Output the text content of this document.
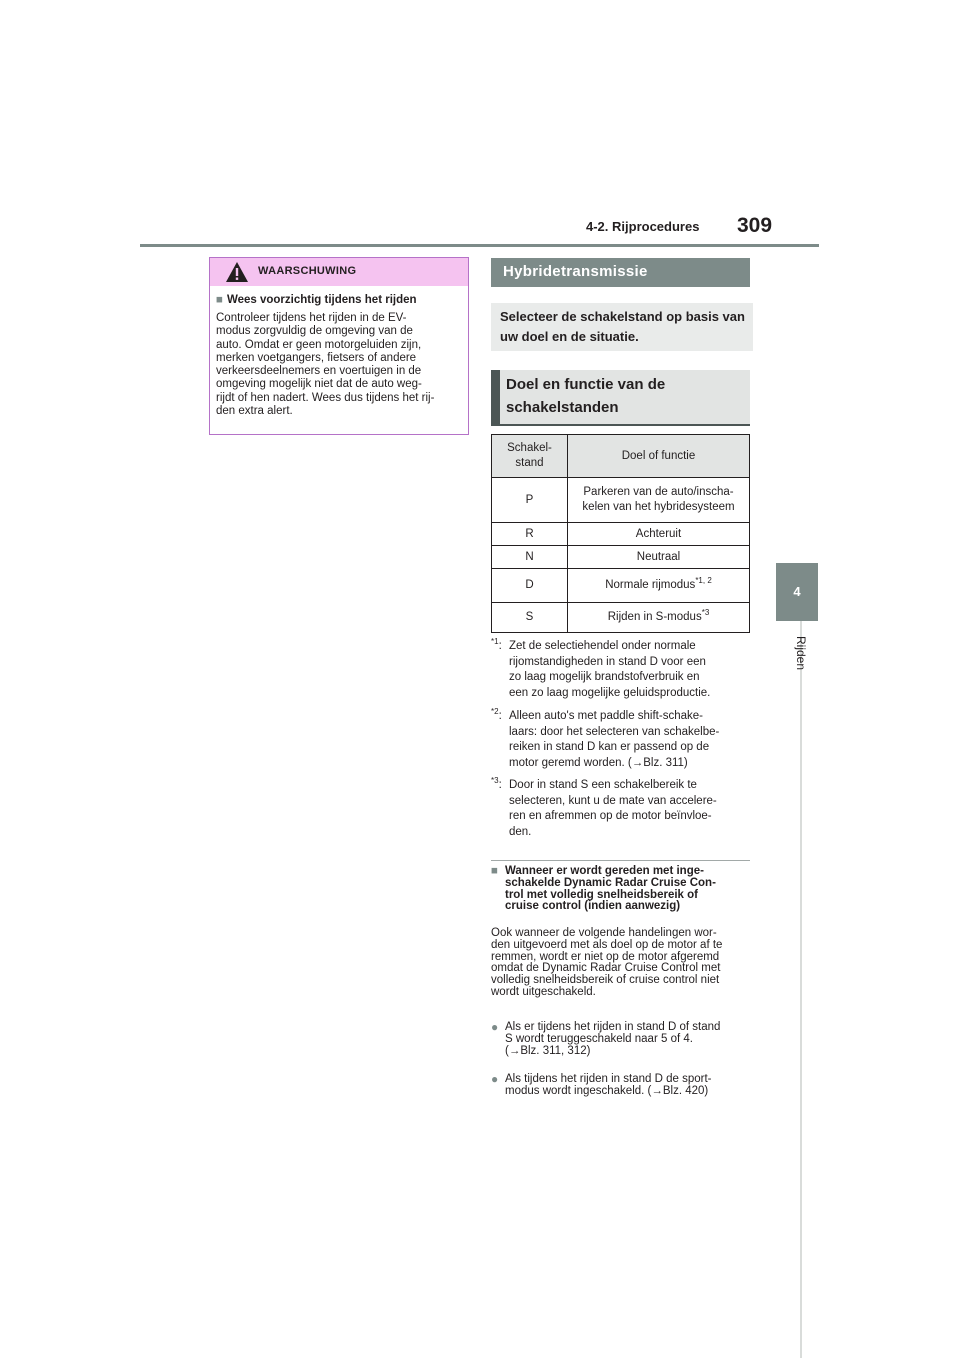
4-2. Rijprocedures 309
4
Rijden
WAARSCHUWING
■ Wees voorzichtig tijdens het rijden
Controleer tijdens het rijden in de EV-
modus zorgvuldig de omgeving van de
auto. Omdat er geen motorgeluiden zijn,
merken voetgangers, fietsers of andere
verkeersdeelnemers en voertuigen in de
omgeving mogelijk niet dat de auto weg-
rijdt of hen nadert. Wees dus tijdens het rij-
den extra alert.
Hybridetransmissie
Selecteer de schakelstand op basis van uw doel en de situatie.
Doel en functie van de
schakelstanden
Schakel-
stand	Doel of functie
P	Parkeren van de auto/inscha-
kelen van het hybridesysteem

R	Achteruit
N	Neutraal
D	Normale rijmodus$^{*1, 2}$
S	Rijden in S-modus$^{*3}$
$^{*1}$: Zet de selectiehendel onder normale
rijomstandigheden in stand D voor een
zo laag mogelijk brandstofverbruik en
een zo laag mogelijke geluidsproductie.
$^{*2}$: Alleen auto's met paddle shift-schake-
laars: door het selecteren van schakelbe-
reiken in stand D kan er passend op de
motor geremd worden. (→Blz. 311)
$^{*3}$: Door in stand S een schakelbereik te
selecteren, kunt u de mate van accelere-
ren en afremmen op de motor beïnvloe-
den.
■ Wanneer er wordt gereden met inge-
schakelde Dynamic Radar Cruise Con-
trol met volledig snelheidsbereik of
cruise control (indien aanwezig)
Ook wanneer de volgende handelingen wor-
den uitgevoerd met als doel op de motor af te
remmen, wordt er niet op de motor afgeremd
omdat de Dynamic Radar Cruise Control met
volledig snelheidsbereik of cruise control niet
wordt uitgeschakeld.
● Als er tijdens het rijden in stand D of stand
S wordt teruggeschakeld naar 5 of 4.
(→Blz. 311, 312)
● Als tijdens het rijden in stand D de sport-
modus wordt ingeschakeld. (→Blz. 420)
